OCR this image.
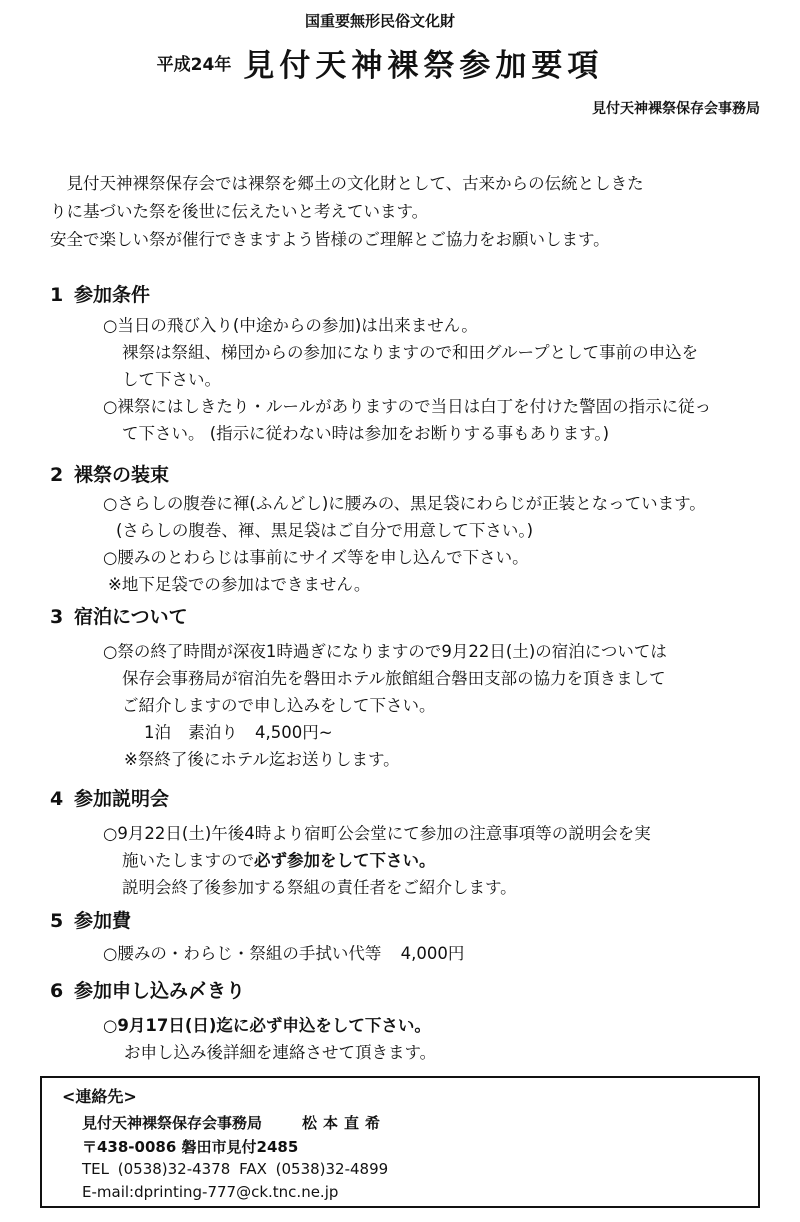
国重要無形民俗文化財
平成24年 見付天神裸祭参加要項
見付天神裸祭保存会事務局

見付天神裸祭保存会では裸祭を郷土の文化財として、古来からの伝統としきた

りに基づいた祭を後世に伝えたいと考えています。

安全で楽しい祭が催行できますよう皆様のご理解とご協力をお願いします。

1 参加条件
○当日の飛び入り(中途からの参加)は出来ません。
裸祭は祭組、梯団からの参加になりますので和田グループとして事前の申込を
して下さい。
○裸祭にはしきたり・ルールがありますので当日は白丁を付けた警固の指示に従っ
て下さい。 (指示に従わない時は参加をお断りする事もあります。)
2 裸祭の装束
○さらしの腹巻に褌(ふんどし)に腰みの、黒足袋にわらじが正装となっています。
(さらしの腹巻、褌、黒足袋はご自分で用意して下さい。)
○腰みのとわらじは事前にサイズ等を申し込んで下さい。
※地下足袋での参加はできません。
3 宿泊について
○祭の終了時間が深夜1時過ぎになりますので9月22日(土)の宿泊については
保存会事務局が宿泊先を磐田ホテル旅館組合磐田支部の協力を頂きまして
ご紹介しますので申し込みをして下さい。
1泊 素泊り 4,500円~
※祭終了後にホテル迄お送りします。
4 参加説明会
○9月22日(土)午後4時より宿町公会堂にて参加の注意事項等の説明会を実
施いたしますので必ず参加をして下さい。
説明会終了後参加する祭組の責任者をご紹介します。
5 参加費
○腰みの・わらじ・祭組の手拭い代等 4,000円
6 参加申し込み〆きり
○9月17日(日)迄に必ず申込をして下さい。
お申し込み後詳細を連絡させて頂きます。
<連絡先>
見付天神裸祭保存会事務局	松本直希
〒438-0086 磐田市見付2485
TEL (0538)32-4378 FAX (0538)32-4899
E-mail:dprinting-777@ck.tnc.ne.jp
